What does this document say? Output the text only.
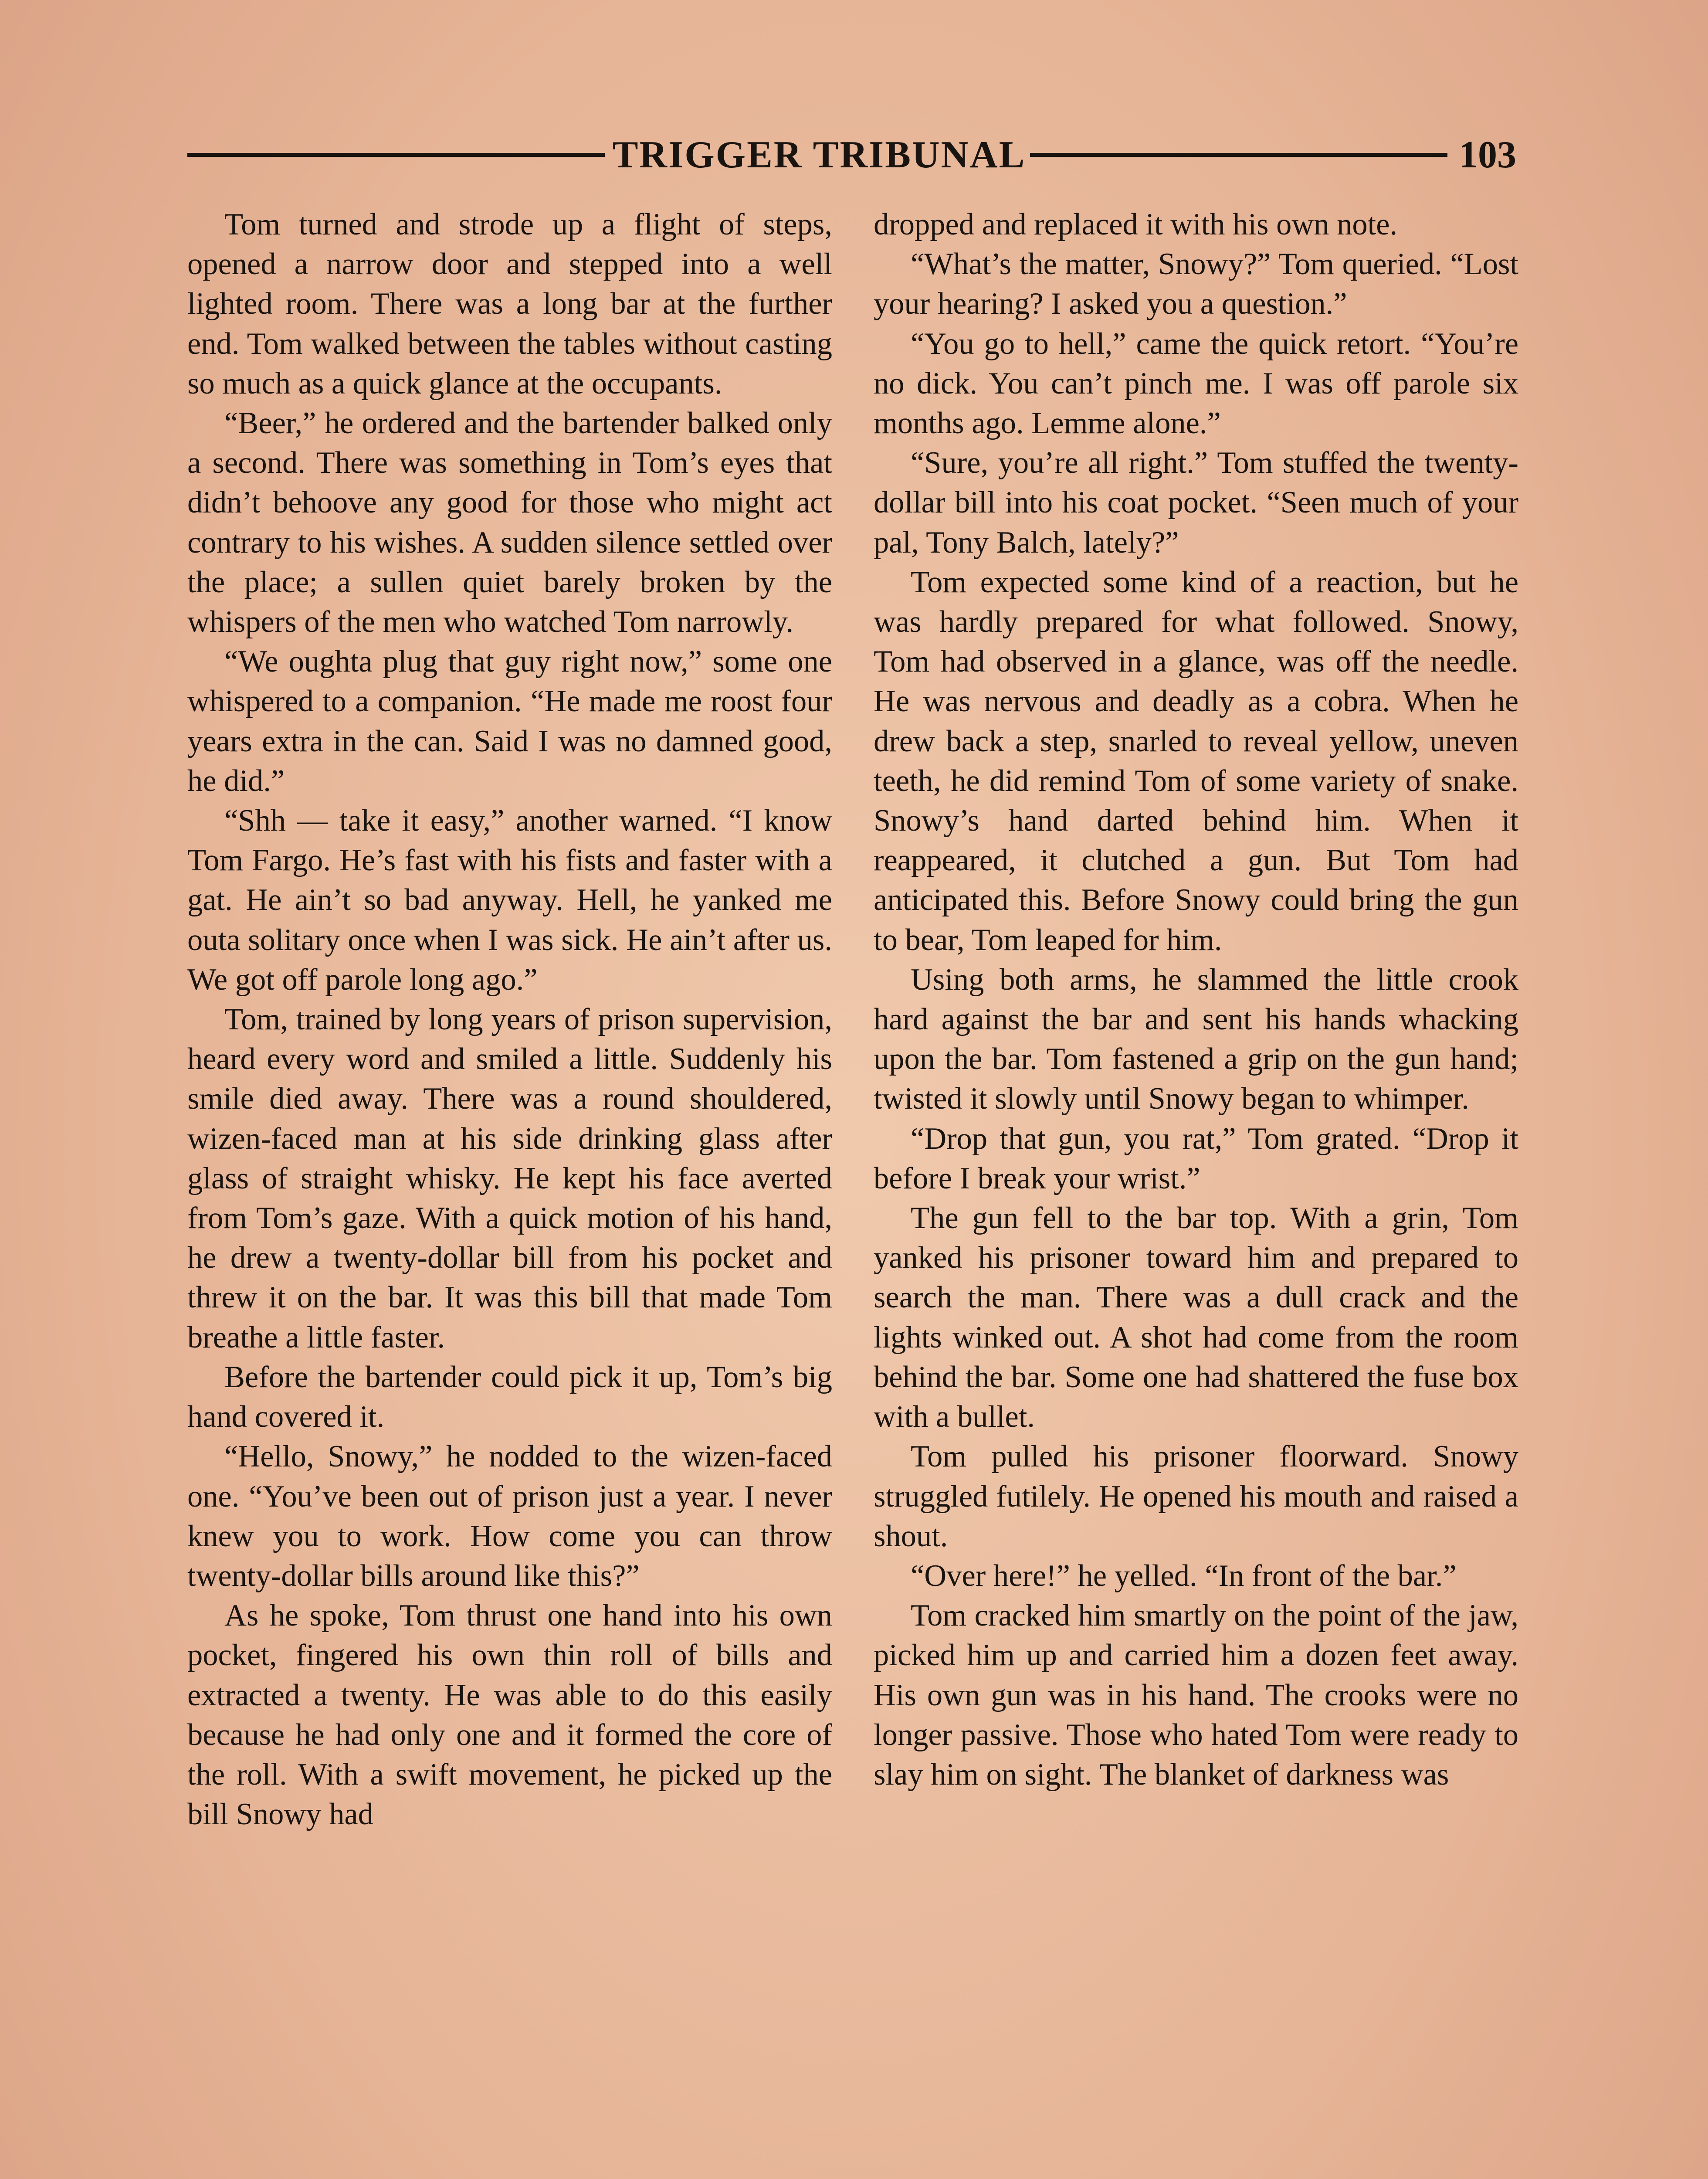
TRIGGER TRIBUNAL	103

Tom turned and strode up a flight of steps, opened a narrow door and stepped into a well lighted room. There was a long bar at the further end. Tom walked between the tables without casting so much as a quick glance at the occupants.

“Beer,” he ordered and the bartender balked only a second. There was something in Tom’s eyes that didn’t behoove any good for those who might act contrary to his wishes. A sudden silence settled over the place; a sullen quiet barely broken by the whispers of the men who watched Tom narrowly.

“We oughta plug that guy right now,” some one whispered to a companion. “He made me roost four years extra in the can. Said I was no damned good, he did.”

“Shh — take it easy,” another warned. “I know Tom Fargo. He’s fast with his fists and faster with a gat. He ain’t so bad anyway. Hell, he yanked me outa solitary once when I was sick. He ain’t after us. We got off parole long ago.”

Tom, trained by long years of prison supervision, heard every word and smiled a little. Suddenly his smile died away. There was a round shouldered, wizen-faced man at his side drinking glass after glass of straight whisky. He kept his face averted from Tom’s gaze. With a quick motion of his hand, he drew a twenty-dollar bill from his pocket and threw it on the bar. It was this bill that made Tom breathe a little faster.

Before the bartender could pick it up, Tom’s big hand covered it.

“Hello, Snowy,” he nodded to the wizen-faced one. “You’ve been out of prison just a year. I never knew you to work. How come you can throw twenty-dollar bills around like this?”

As he spoke, Tom thrust one hand into his own pocket, fingered his own thin roll of bills and extracted a twenty. He was able to do this easily because he had only one and it formed the core of the roll. With a swift movement, he picked up the bill Snowy had

dropped and replaced it with his own note.

“What’s the matter, Snowy?” Tom queried. “Lost your hearing? I asked you a question.”

“You go to hell,” came the quick retort. “You’re no dick. You can’t pinch me. I was off parole six months ago. Lemme alone.”

“Sure, you’re all right.” Tom stuffed the twenty-dollar bill into his coat pocket. “Seen much of your pal, Tony Balch, lately?”

Tom expected some kind of a reaction, but he was hardly prepared for what followed. Snowy, Tom had observed in a glance, was off the needle. He was nervous and deadly as a cobra. When he drew back a step, snarled to reveal yellow, uneven teeth, he did remind Tom of some variety of snake. Snowy’s hand darted behind him. When it reappeared, it clutched a gun. But Tom had anticipated this. Before Snowy could bring the gun to bear, Tom leaped for him.

Using both arms, he slammed the little crook hard against the bar and sent his hands whacking upon the bar. Tom fastened a grip on the gun hand; twisted it slowly until Snowy began to whimper.

“Drop that gun, you rat,” Tom grated. “Drop it before I break your wrist.”

The gun fell to the bar top. With a grin, Tom yanked his prisoner toward him and prepared to search the man. There was a dull crack and the lights winked out. A shot had come from the room behind the bar. Some one had shattered the fuse box with a bullet.

Tom pulled his prisoner floorward. Snowy struggled futilely. He opened his mouth and raised a shout.

“Over here!” he yelled. “In front of the bar.”

Tom cracked him smartly on the point of the jaw, picked him up and carried him a dozen feet away. His own gun was in his hand. The crooks were no longer passive. Those who hated Tom were ready to slay him on sight. The blanket of darkness was
